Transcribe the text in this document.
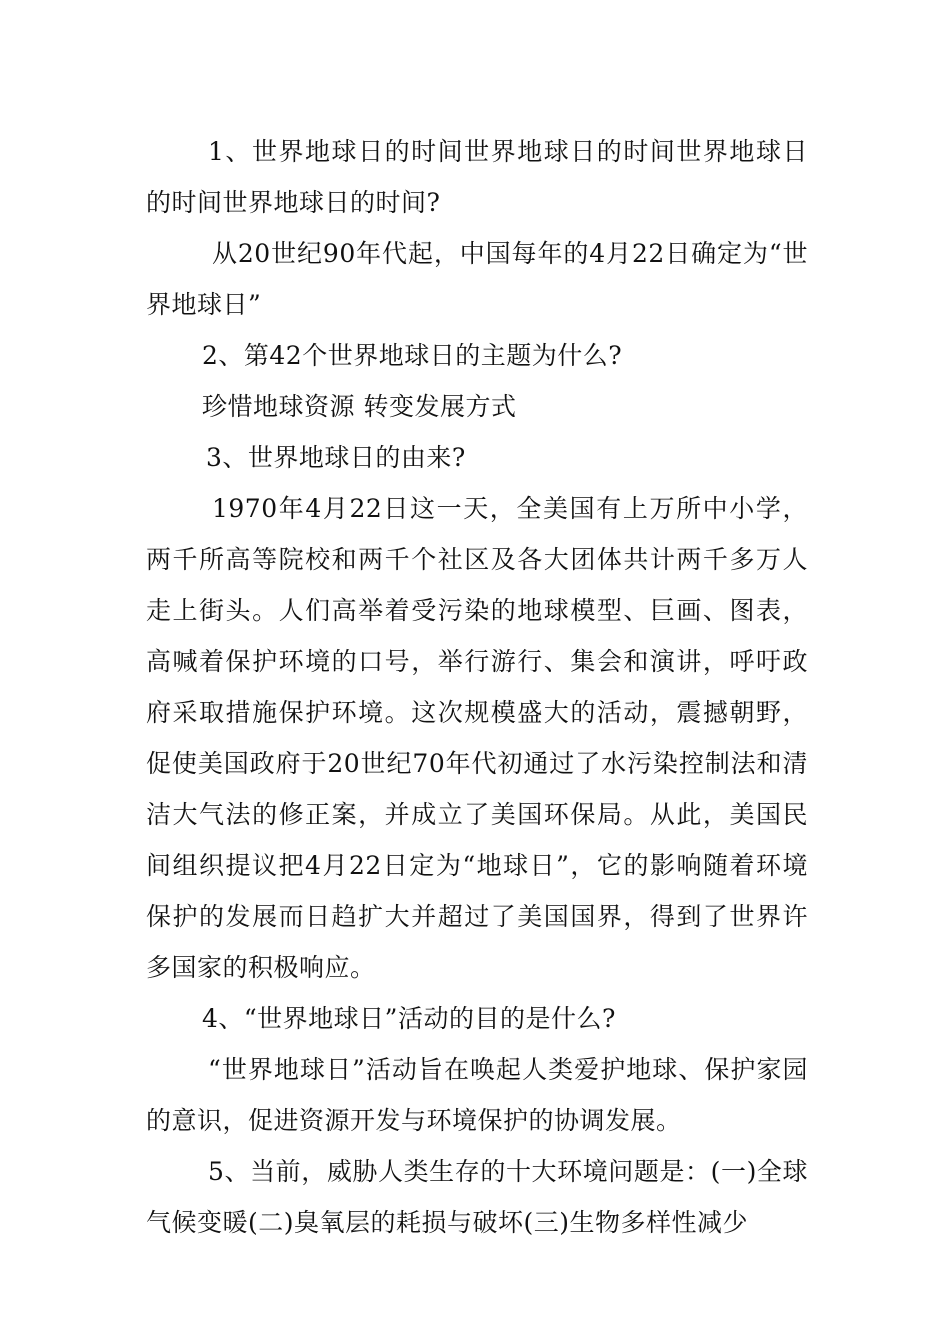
1、世界地球日的时间世界地球日的时间世界地球日的时间世界地球日的时间?

从20世纪90年代起，中国每年的4月22日确定为“世界地球日”

2、第42个世界地球日的主题为什么?

珍惜地球资源 转变发展方式

3、世界地球日的由来?

1970年4月22日这一天，全美国有上万所中小学，两千所高等院校和两千个社区及各大团体共计两千多万人走上街头。人们高举着受污染的地球模型、巨画、图表，高喊着保护环境的口号，举行游行、集会和演讲，呼吁政府采取措施保护环境。这次规模盛大的活动，震撼朝野，促使美国政府于20世纪70年代初通过了水污染控制法和清洁大气法的修正案，并成立了美国环保局。从此，美国民间组织提议把4月22日定为“地球日”，它的影响随着环境保护的发展而日趋扩大并超过了美国国界，得到了世界许多国家的积极响应。

4、“世界地球日”活动的目的是什么?

“世界地球日”活动旨在唤起人类爱护地球、保护家园的意识，促进资源开发与环境保护的协调发展。

5、当前，威胁人类生存的十大环境问题是：(一)全球气候变暖(二)臭氧层的耗损与破坏(三)生物多样性减少
